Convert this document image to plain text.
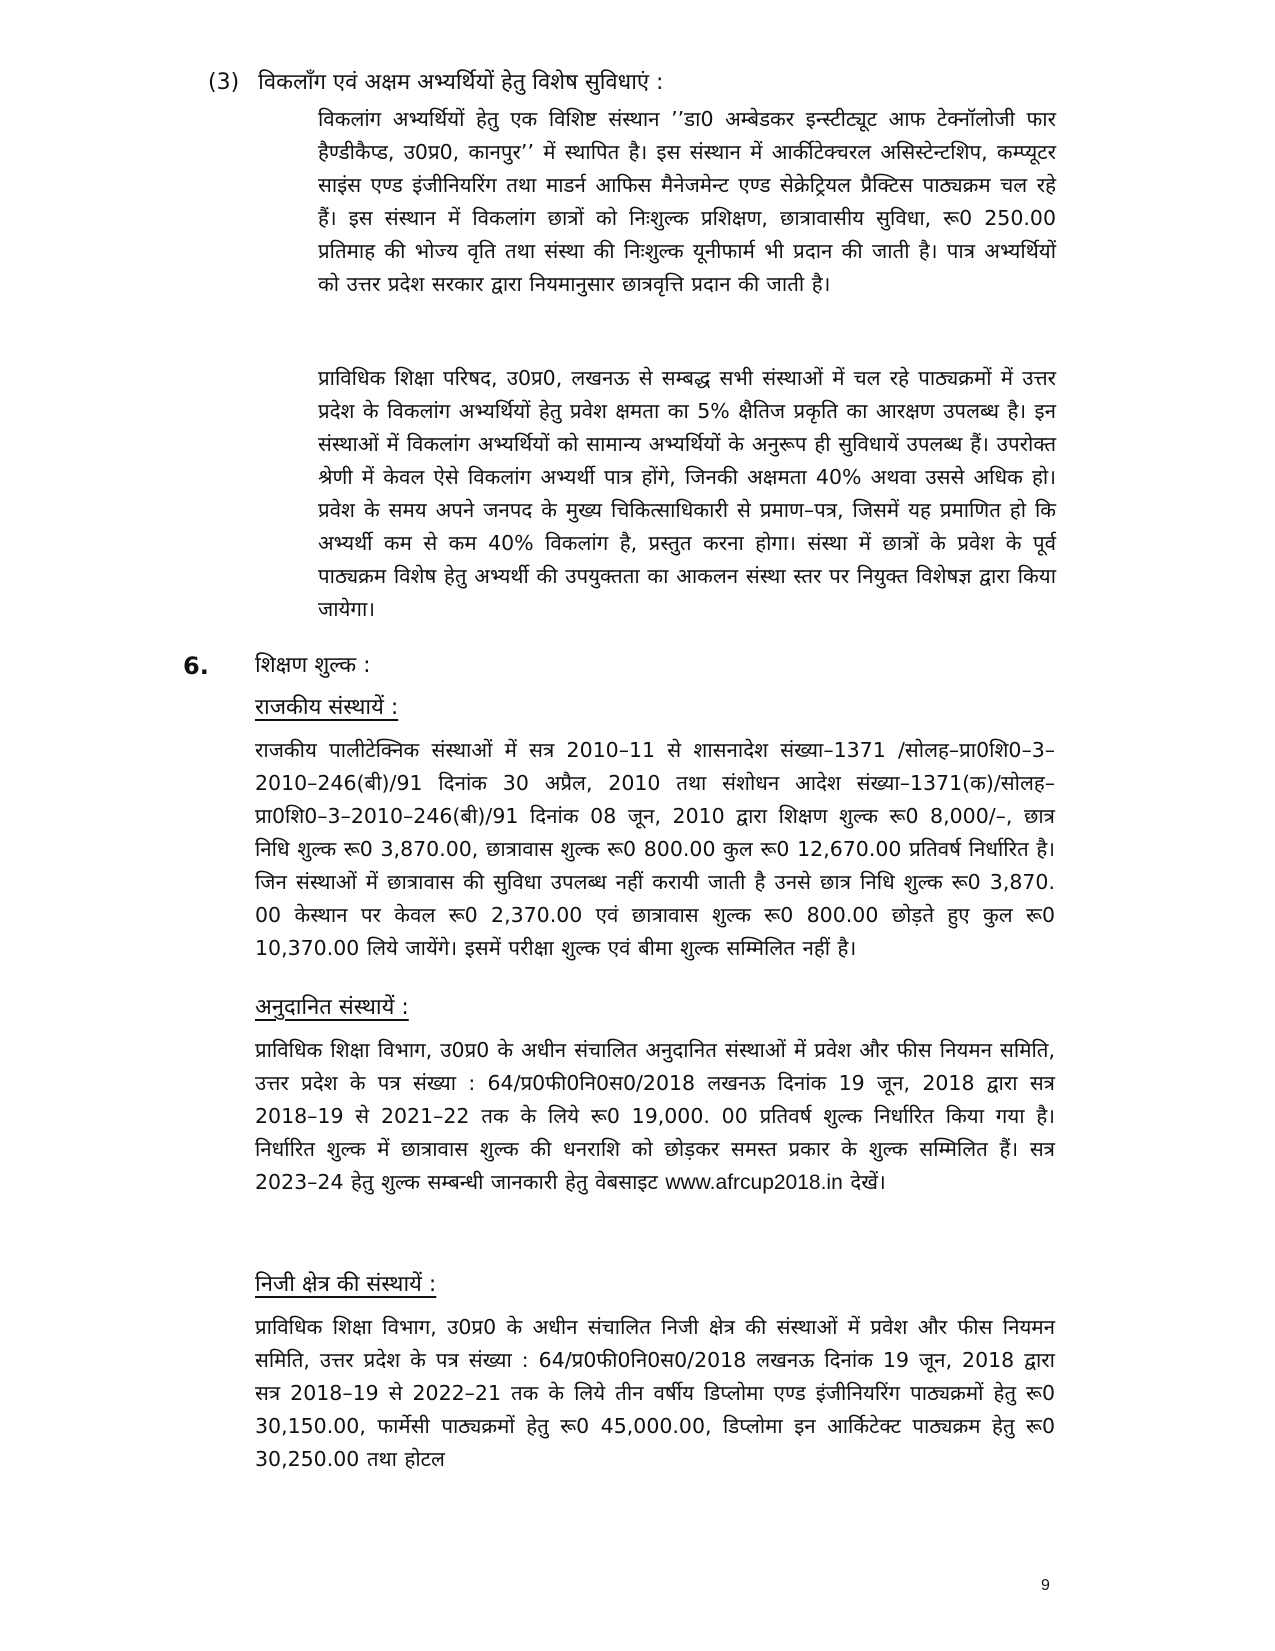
(3) विकलाँग एवं अक्षम अभ्यर्थियों हेतु विशेष सुविधाएं :

विकलांग अभ्यर्थियों हेतु एक विशिष्ट संस्थान ’’डा0 अम्बेडकर इन्स्टीट्यूट आफ टेक्नॉलोजी फार हैण्डीकैप्ड, उ0प्र0, कानपुर’’ में स्थापित है। इस संस्थान में आर्कीटेक्चरल असिस्टेन्टशिप, कम्प्यूटर साइंस एण्ड इंजीनियरिंग तथा माडर्न आफिस मैनेजमेन्ट एण्ड सेक्रेट्रियल प्रैक्टिस पाठ्यक्रम चल रहे हैं। इस संस्थान में विकलांग छात्रों को निःशुल्क प्रशिक्षण, छात्रावासीय सुविधा, रू0 250.00 प्रतिमाह की भोज्य वृति तथा संस्था की निःशुल्क यूनीफार्म भी प्रदान की जाती है। पात्र अभ्यर्थियों को उत्तर प्रदेश सरकार द्वारा नियमानुसार छात्रवृत्ति प्रदान की जाती है।

प्राविधिक शिक्षा परिषद, उ0प्र0, लखनऊ से सम्बद्ध सभी संस्थाओं में चल रहे पाठ्यक्रमों में उत्तर प्रदेश के विकलांग अभ्यर्थियों हेतु प्रवेश क्षमता का 5% क्षैतिज प्रकृति का आरक्षण उपलब्ध है। इन संस्थाओं में विकलांग अभ्यर्थियों को सामान्य अभ्यर्थियों के अनुरूप ही सुविधायें उपलब्ध हैं। उपरोक्त श्रेणी में केवल ऐसे विकलांग अभ्यर्थी पात्र होंगे, जिनकी अक्षमता 40% अथवा उससे अधिक हो। प्रवेश के समय अपने जनपद के मुख्य चिकित्साधिकारी से प्रमाण–पत्र, जिसमें यह प्रमाणित हो कि अभ्यर्थी कम से कम 40% विकलांग है, प्रस्तुत करना होगा। संस्था में छात्रों के प्रवेश के पूर्व पाठ्यक्रम विशेष हेतु अभ्यर्थी की उपयुक्तता का आकलन संस्था स्तर पर नियुक्त विशेषज्ञ द्वारा किया जायेगा।

6. शिक्षण शुल्क :
राजकीय संस्थायें :

राजकीय पालीटेक्निक संस्थाओं में सत्र 2010–11 से शासनादेश संख्या–1371 /सोलह–प्रा0शि0–3–2010–246(बी)/91 दिनांक 30 अप्रैल, 2010 तथा संशोधन आदेश संख्या–1371(क)/सोलह–प्रा0शि0–3–2010–246(बी)/91 दिनांक 08 जून, 2010 द्वारा शिक्षण शुल्क रू0 8,000/–, छात्र निधि शुल्क रू0 3,870.00, छात्रावास शुल्क रू0 800.00 कुल रू0 12,670.00 प्रतिवर्ष निर्धारित है। जिन संस्थाओं में छात्रावास की सुविधा उपलब्ध नहीं करायी जाती है उनसे छात्र निधि शुल्क रू0 3,870. 00 केस्थान पर केवल रू0 2,370.00 एवं छात्रावास शुल्क रू0 800.00 छोड़ते हुए कुल रू0 10,370.00 लिये जायेंगे। इसमें परीक्षा शुल्क एवं बीमा शुल्क सम्मिलित नहीं है।

अनुदानित संस्थायें :

प्राविधिक शिक्षा विभाग, उ0प्र0 के अधीन संचालित अनुदानित संस्थाओं में प्रवेश और फीस नियमन समिति, उत्तर प्रदेश के पत्र संख्या : 64/प्र0फी0नि0स0/2018 लखनऊ दिनांक 19 जून, 2018 द्वारा सत्र 2018–19 से 2021–22 तक के लिये रू0 19,000. 00 प्रतिवर्ष शुल्क निर्धारित किया गया है। निर्धारित शुल्क में छात्रावास शुल्क की धनराशि को छोड़कर समस्त प्रकार के शुल्क सम्मिलित हैं। सत्र 2023–24 हेतु शुल्क सम्बन्धी जानकारी हेतु वेबसाइट www.afrcup2018.in देखें।

निजी क्षेत्र की संस्थायें :

प्राविधिक शिक्षा विभाग, उ0प्र0 के अधीन संचालित निजी क्षेत्र की संस्थाओं में प्रवेश और फीस नियमन समिति, उत्तर प्रदेश के पत्र संख्या : 64/प्र0फी0नि0स0/2018 लखनऊ दिनांक 19 जून, 2018 द्वारा सत्र 2018–19 से 2022–21 तक के लिये तीन वर्षीय डिप्लोमा एण्ड इंजीनियरिंग पाठ्यक्रमों हेतु रू0 30,150.00, फार्मेसी पाठ्यक्रमों हेतु रू0 45,000.00, डिप्लोमा इन आर्किटेक्ट पाठ्यक्रम हेतु रू0 30,250.00 तथा होटल

9
